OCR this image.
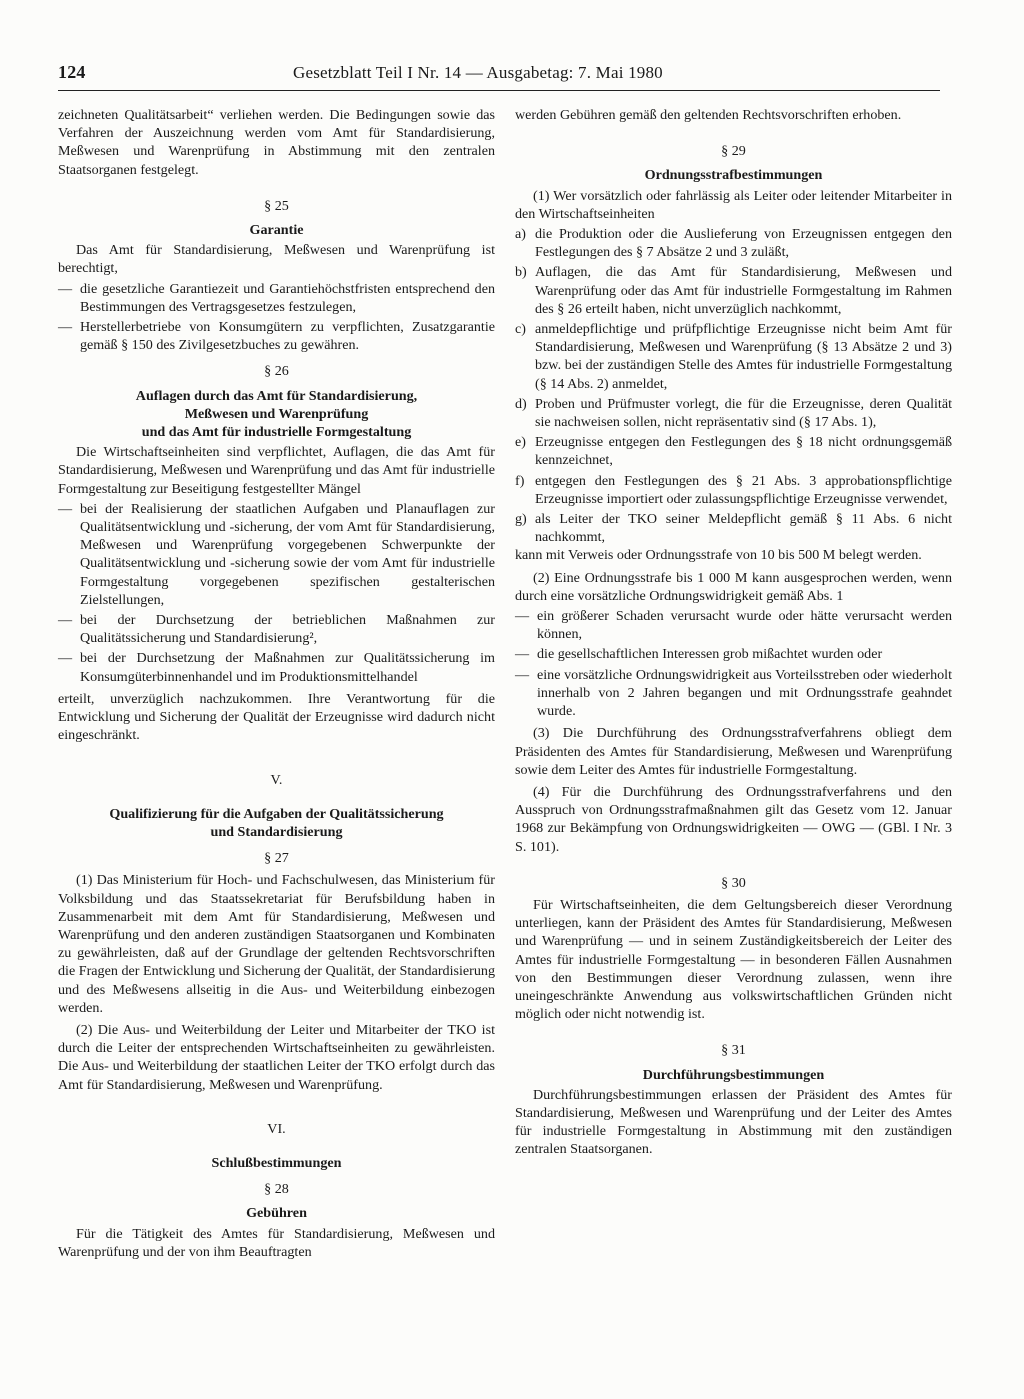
124	Gesetzblatt Teil I Nr. 14 — Ausgabetag: 7. Mai 1980

zeichneten Qualitätsarbeit“ verliehen werden. Die Bedingungen sowie das Verfahren der Auszeichnung werden vom Amt für Standardisierung, Meßwesen und Warenprüfung in Abstimmung mit den zentralen Staatsorganen festgelegt.

§ 25
Garantie

Das Amt für Standardisierung, Meßwesen und Warenprüfung ist berechtigt,

— die gesetzliche Garantiezeit und Garantiehöchstfristen entsprechend den Bestimmungen des Vertragsgesetzes festzulegen,
— Herstellerbetriebe von Konsumgütern zu verpflichten, Zusatzgarantie gemäß § 150 des Zivilgesetzbuches zu gewähren.
§ 26
Auflagen durch das Amt für Standardisierung,
Meßwesen und Warenprüfung
und das Amt für industrielle Formgestaltung

Die Wirtschaftseinheiten sind verpflichtet, Auflagen, die das Amt für Standardisierung, Meßwesen und Warenprüfung und das Amt für industrielle Formgestaltung zur Beseitigung festgestellter Mängel

— bei der Realisierung der staatlichen Aufgaben und Planauflagen zur Qualitätsentwicklung und -sicherung, der vom Amt für Standardisierung, Meßwesen und Warenprüfung vorgegebenen Schwerpunkte der Qualitätsentwicklung und -sicherung sowie der vom Amt für industrielle Formgestaltung vorgegebenen spezifischen gestalterischen Zielstellungen,
— bei der Durchsetzung der betrieblichen Maßnahmen zur Qualitätssicherung und Standardisierung²,
— bei der Durchsetzung der Maßnahmen zur Qualitätssicherung im Konsumgüterbinnenhandel und im Produktionsmittelhandel

erteilt, unverzüglich nachzukommen. Ihre Verantwortung für die Entwicklung und Sicherung der Qualität der Erzeugnisse wird dadurch nicht eingeschränkt.

V.
Qualifizierung für die Aufgaben der Qualitätssicherung
und Standardisierung
§ 27

(1) Das Ministerium für Hoch- und Fachschulwesen, das Ministerium für Volksbildung und das Staatssekretariat für Berufsbildung haben in Zusammenarbeit mit dem Amt für Standardisierung, Meßwesen und Warenprüfung und den anderen zuständigen Staatsorganen und Kombinaten zu gewährleisten, daß auf der Grundlage der geltenden Rechtsvorschriften die Fragen der Entwicklung und Sicherung der Qualität, der Standardisierung und des Meßwesens allseitig in die Aus- und Weiterbildung einbezogen werden.

(2) Die Aus- und Weiterbildung der Leiter und Mitarbeiter der TKO ist durch die Leiter der entsprechenden Wirtschaftseinheiten zu gewährleisten. Die Aus- und Weiterbildung der staatlichen Leiter der TKO erfolgt durch das Amt für Standardisierung, Meßwesen und Warenprüfung.

VI.
Schlußbestimmungen
§ 28
Gebühren

Für die Tätigkeit des Amtes für Standardisierung, Meßwesen und Warenprüfung und der von ihm Beauftragten

werden Gebühren gemäß den geltenden Rechtsvorschriften erhoben.

§ 29
Ordnungsstrafbestimmungen

(1) Wer vorsätzlich oder fahrlässig als Leiter oder leitender Mitarbeiter in den Wirtschaftseinheiten

a) die Produktion oder die Auslieferung von Erzeugnissen entgegen den Festlegungen des § 7 Absätze 2 und 3 zuläßt,
b) Auflagen, die das Amt für Standardisierung, Meßwesen und Warenprüfung oder das Amt für industrielle Formgestaltung im Rahmen des § 26 erteilt haben, nicht unverzüglich nachkommt,
c) anmeldepflichtige und prüfpflichtige Erzeugnisse nicht beim Amt für Standardisierung, Meßwesen und Warenprüfung (§ 13 Absätze 2 und 3) bzw. bei der zuständigen Stelle des Amtes für industrielle Formgestaltung (§ 14 Abs. 2) anmeldet,
d) Proben und Prüfmuster vorlegt, die für die Erzeugnisse, deren Qualität sie nachweisen sollen, nicht repräsentativ sind (§ 17 Abs. 1),
e) Erzeugnisse entgegen den Festlegungen des § 18 nicht ordnungsgemäß kennzeichnet,
f) entgegen den Festlegungen des § 21 Abs. 3 approbationspflichtige Erzeugnisse importiert oder zulassungspflichtige Erzeugnisse verwendet,
g) als Leiter der TKO seiner Meldepflicht gemäß § 11 Abs. 6 nicht nachkommt,

kann mit Verweis oder Ordnungsstrafe von 10 bis 500 M belegt werden.

(2) Eine Ordnungsstrafe bis 1 000 M kann ausgesprochen werden, wenn durch eine vorsätzliche Ordnungswidrigkeit gemäß Abs. 1

— ein größerer Schaden verursacht wurde oder hätte verursacht werden können,
— die gesellschaftlichen Interessen grob mißachtet wurden oder
— eine vorsätzliche Ordnungswidrigkeit aus Vorteilsstreben oder wiederholt innerhalb von 2 Jahren begangen und mit Ordnungsstrafe geahndet wurde.

(3) Die Durchführung des Ordnungsstrafverfahrens obliegt dem Präsidenten des Amtes für Standardisierung, Meßwesen und Warenprüfung sowie dem Leiter des Amtes für industrielle Formgestaltung.

(4) Für die Durchführung des Ordnungsstrafverfahrens und den Ausspruch von Ordnungsstrafmaßnahmen gilt das Gesetz vom 12. Januar 1968 zur Bekämpfung von Ordnungswidrigkeiten — OWG — (GBl. I Nr. 3 S. 101).

§ 30

Für Wirtschaftseinheiten, die dem Geltungsbereich dieser Verordnung unterliegen, kann der Präsident des Amtes für Standardisierung, Meßwesen und Warenprüfung — und in seinem Zuständigkeitsbereich der Leiter des Amtes für industrielle Formgestaltung — in besonderen Fällen Ausnahmen von den Bestimmungen dieser Verordnung zulassen, wenn ihre uneingeschränkte Anwendung aus volkswirtschaftlichen Gründen nicht möglich oder nicht notwendig ist.

§ 31
Durchführungsbestimmungen

Durchführungsbestimmungen erlassen der Präsident des Amtes für Standardisierung, Meßwesen und Warenprüfung und der Leiter des Amtes für industrielle Formgestaltung in Abstimmung mit den zuständigen zentralen Staatsorganen.
